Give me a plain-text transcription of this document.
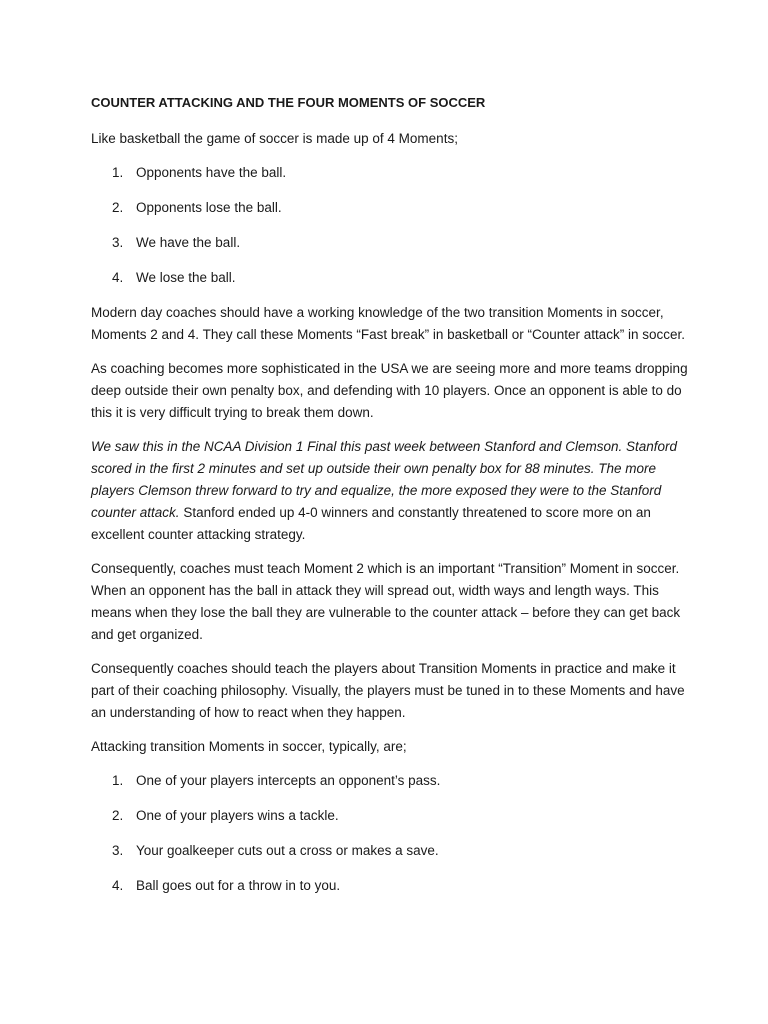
COUNTER ATTACKING AND THE FOUR MOMENTS OF SOCCER

Like basketball the game of soccer is made up of 4 Moments;

1. Opponents have the ball.
2. Opponents lose the ball.
3. We have the ball.
4. We lose the ball.

Modern day coaches should have a working knowledge of the two transition Moments in soccer, Moments 2 and 4. They call these Moments “Fast break” in basketball or “Counter attack” in soccer.

As coaching becomes more sophisticated in the USA we are seeing more and more teams dropping deep outside their own penalty box, and defending with 10 players. Once an opponent is able to do this it is very difficult trying to break them down.

We saw this in the NCAA Division 1 Final this past week between Stanford and Clemson. Stanford scored in the first 2 minutes and set up outside their own penalty box for 88 minutes. The more players Clemson threw forward to try and equalize, the more exposed they were to the Stanford counter attack. Stanford ended up 4-0 winners and constantly threatened to score more on an excellent counter attacking strategy.

Consequently, coaches must teach Moment 2 which is an important “Transition” Moment in soccer. When an opponent has the ball in attack they will spread out, width ways and length ways. This means when they lose the ball they are vulnerable to the counter attack – before they can get back and get organized.

Consequently coaches should teach the players about Transition Moments in practice and make it part of their coaching philosophy. Visually, the players must be tuned in to these Moments and have an understanding of how to react when they happen.

Attacking transition Moments in soccer, typically, are;

1. One of your players intercepts an opponent’s pass.
2. One of your players wins a tackle.
3. Your goalkeeper cuts out a cross or makes a save.
4. Ball goes out for a throw in to you.
